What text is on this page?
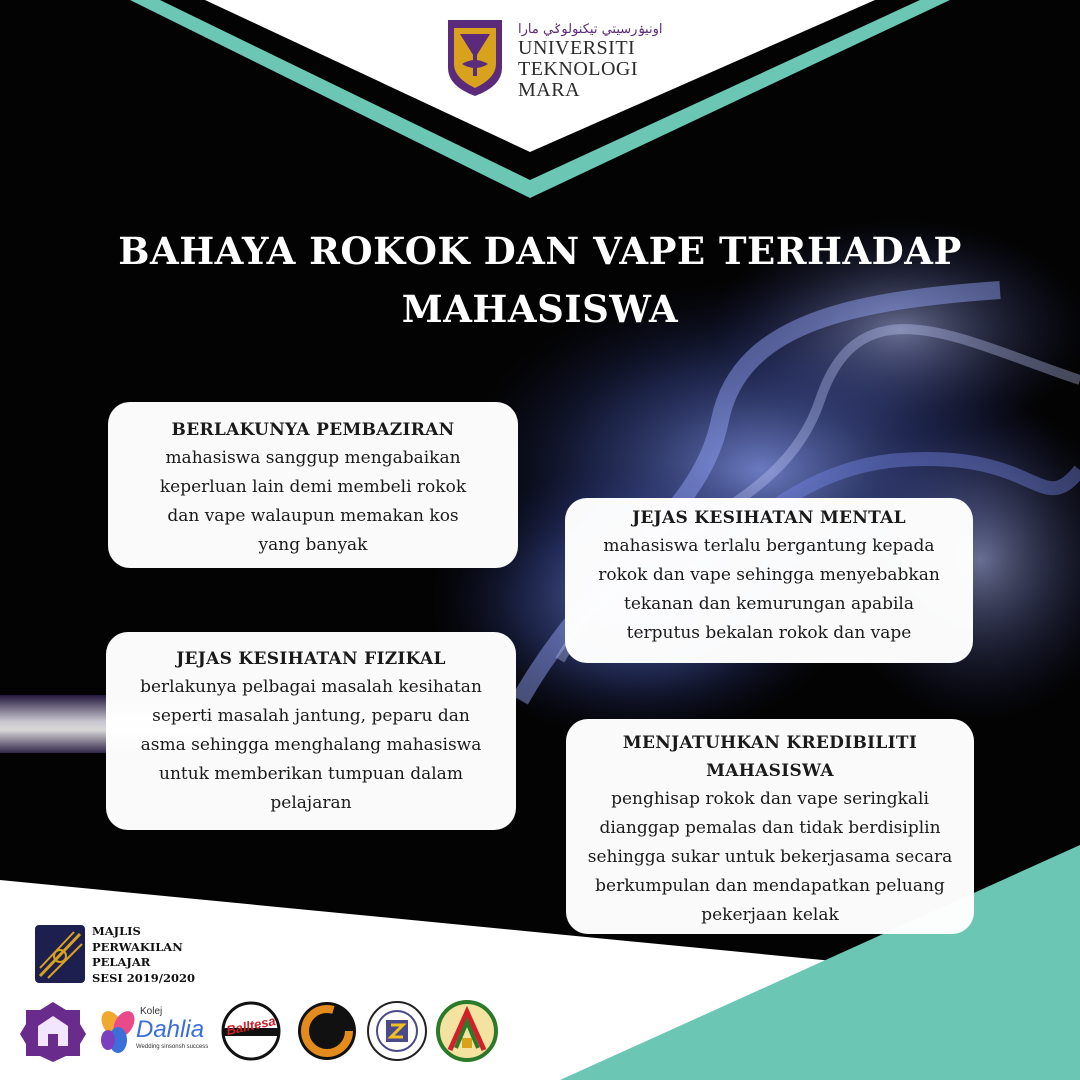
اونيۏرسيتي تيكنولوݢي مارا
UNIVERSITI
TEKNOLOGI
MARA
BAHAYA ROKOK DAN VAPE TERHADAP
MAHASISWA
BERLAKUNYA PEMBAZIRAN
mahasiswa sanggup mengabaikan
keperluan lain demi membeli rokok
dan vape walaupun memakan kos
yang banyak
JEJAS KESIHATAN MENTAL
mahasiswa terlalu bergantung kepada
rokok dan vape sehingga menyebabkan
tekanan dan kemurungan apabila
terputus bekalan rokok dan vape
JEJAS KESIHATAN FIZIKAL
berlakunya pelbagai masalah kesihatan
seperti masalah jantung, peparu dan
asma sehingga menghalang mahasiswa
untuk memberikan tumpuan dalam
pelajaran
MENJATUHKAN KREDIBILITI
MAHASISWA
penghisap rokok dan vape seringkali
dianggap pemalas dan tidak berdisiplin
sehingga sukar untuk bekerjasama secara
berkumpulan dan mendapatkan peluang
pekerjaan kelak
MAJLIS
PERWAKILAN
PELAJAR
SESI 2019/2020
Kolej
Dahlia
Wedding sinsonsh success
Balltesa
